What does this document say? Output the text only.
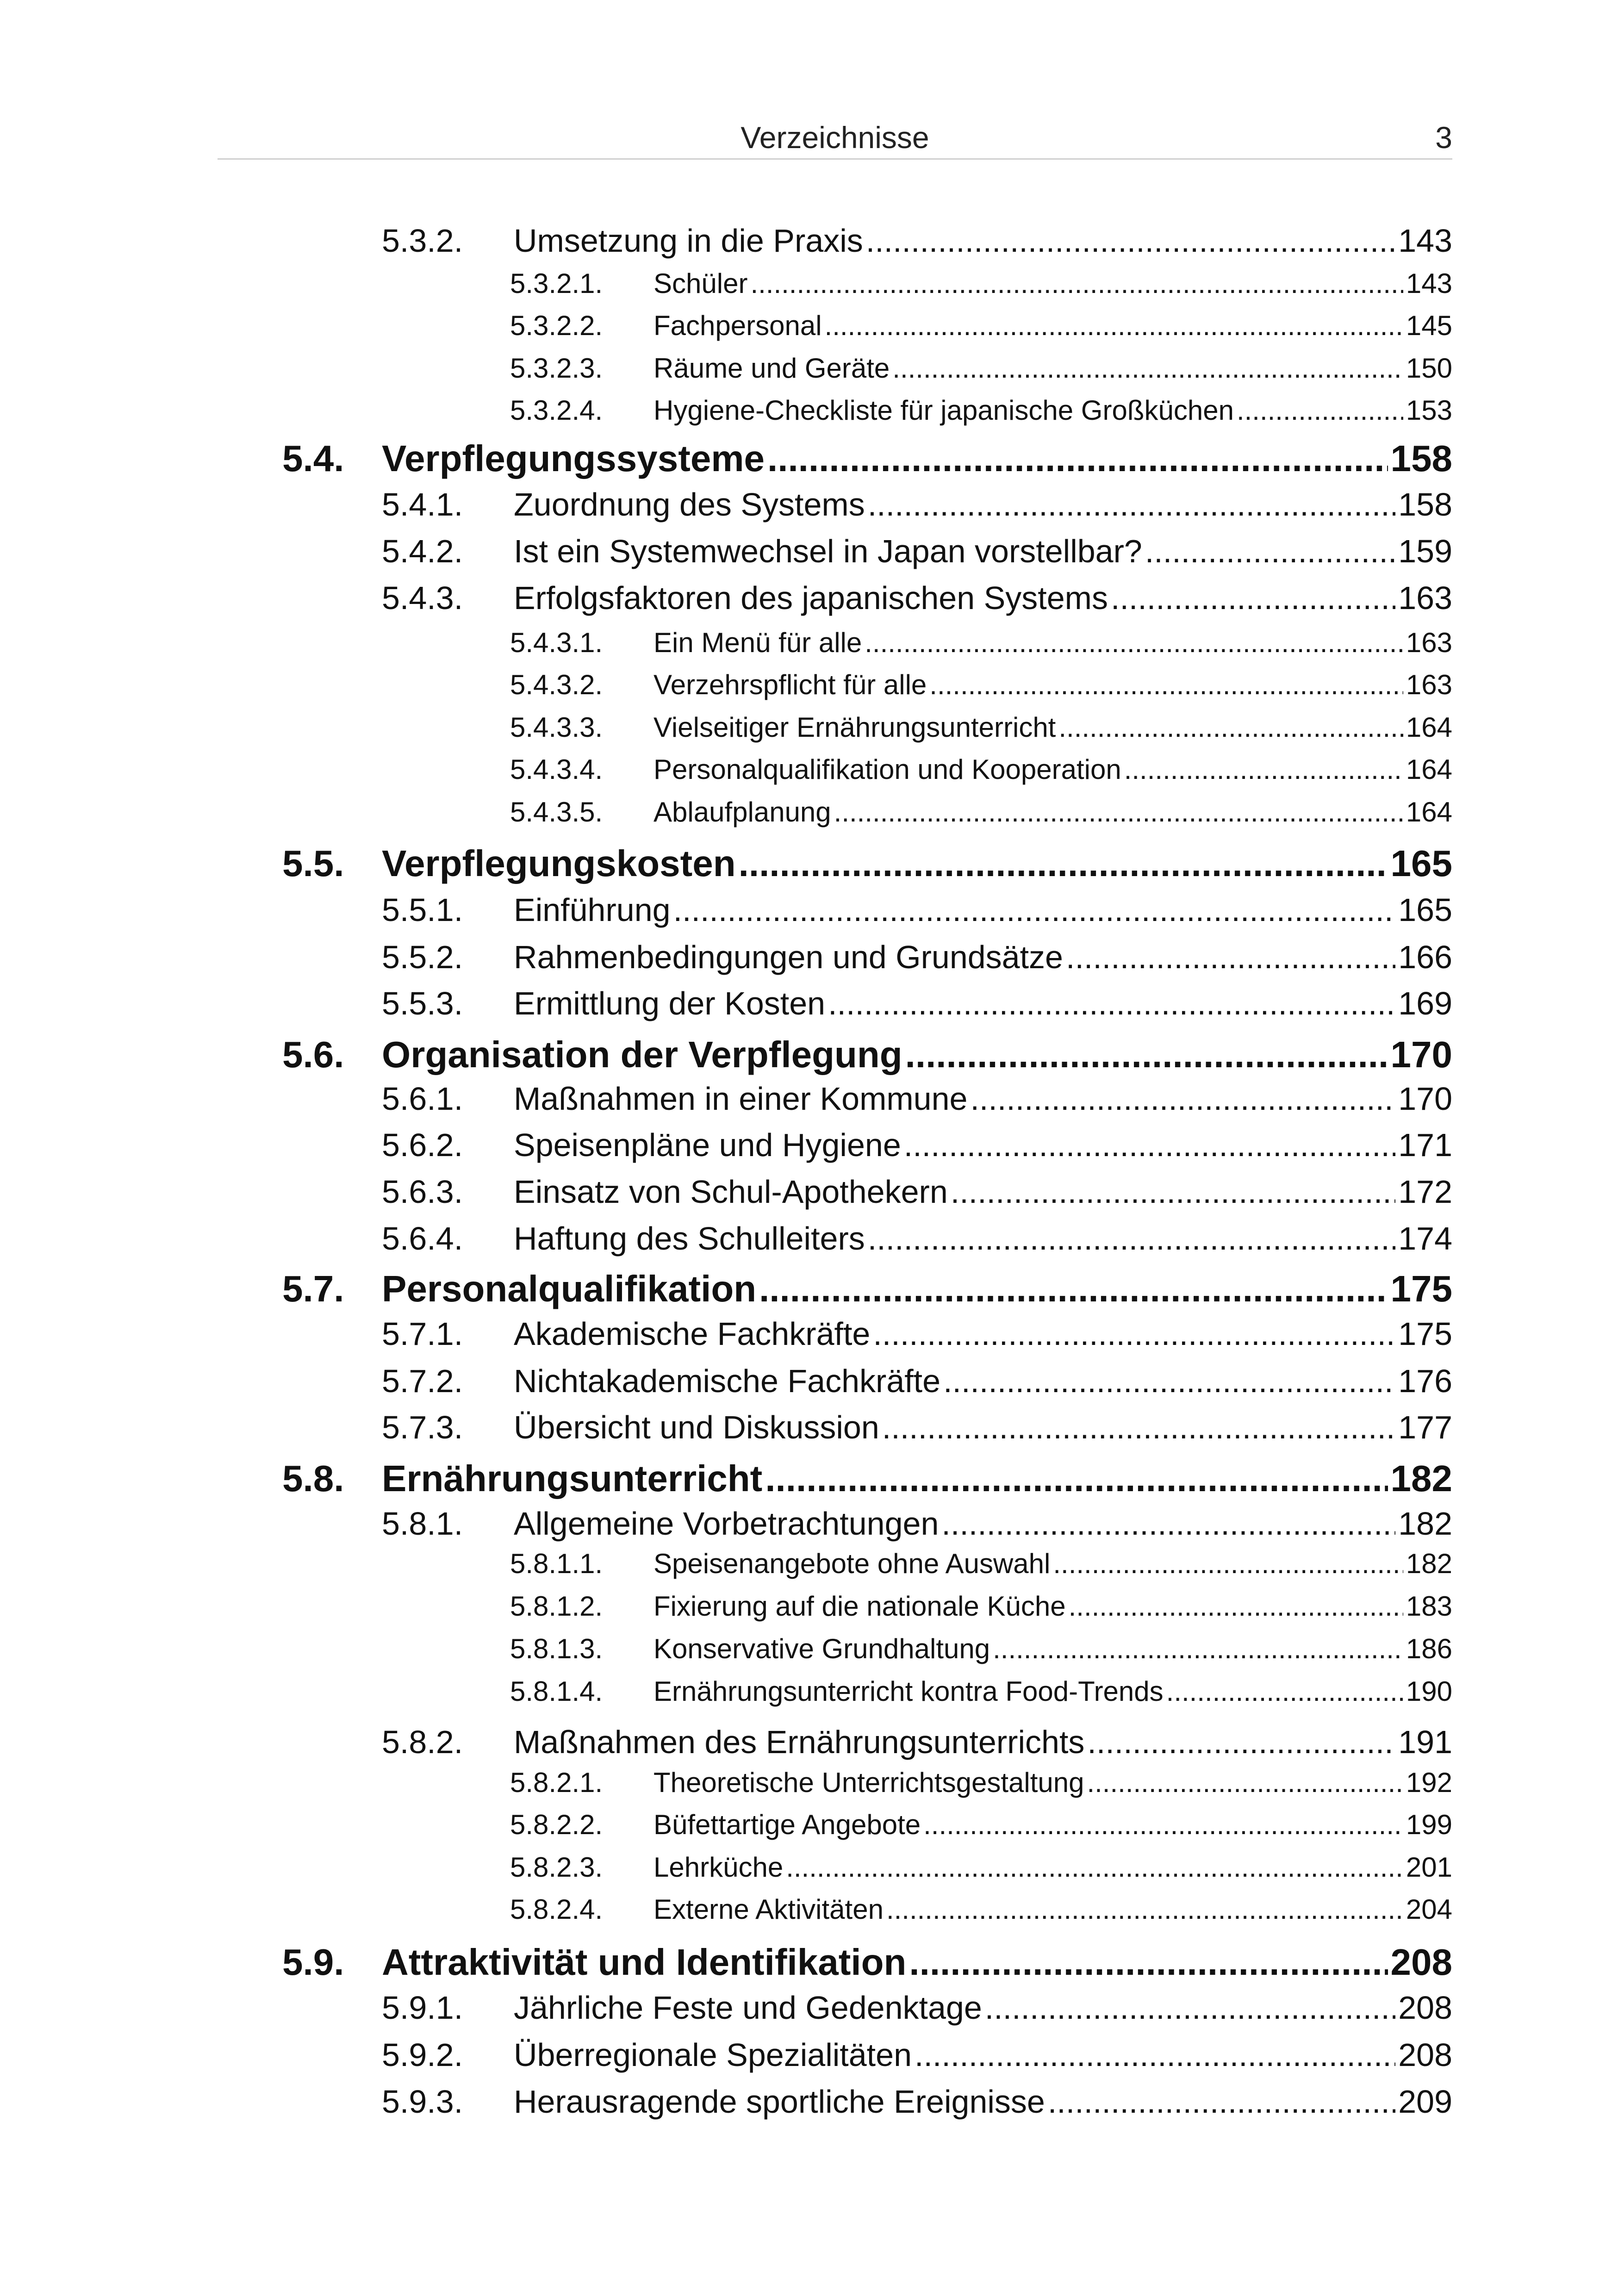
Verzeichnisse	3
5.3.2.	Umsetzung in die Praxis .....	143
5.3.2.1.	Schüler .....	143
5.3.2.2.	Fachpersonal .....	145
5.3.2.3.	Räume und Geräte .....	150
5.3.2.4.	Hygiene-Checkliste für japanische Großküchen .....	153
5.4.	Verpflegungssysteme .....	158
5.4.1.	Zuordnung des Systems .....	158
5.4.2.	Ist ein Systemwechsel in Japan vorstellbar? .....	159
5.4.3.	Erfolgsfaktoren des japanischen Systems .....	163
5.4.3.1.	Ein Menü für alle .....	163
5.4.3.2.	Verzehrspflicht für alle .....	163
5.4.3.3.	Vielseitiger Ernährungsunterricht .....	164
5.4.3.4.	Personalqualifikation und Kooperation .....	164
5.4.3.5.	Ablaufplanung .....	164
5.5.	Verpflegungskosten .....	165
5.5.1.	Einführung .....	165
5.5.2.	Rahmenbedingungen und Grundsätze .....	166
5.5.3.	Ermittlung der Kosten .....	169
5.6.	Organisation der Verpflegung .....	170
5.6.1.	Maßnahmen in einer Kommune .....	170
5.6.2.	Speisenpläne und Hygiene .....	171
5.6.3.	Einsatz von Schul-Apothekern .....	172
5.6.4.	Haftung des Schulleiters .....	174
5.7.	Personalqualifikation .....	175
5.7.1.	Akademische Fachkräfte .....	175
5.7.2.	Nichtakademische Fachkräfte .....	176
5.7.3.	Übersicht und Diskussion .....	177
5.8.	Ernährungsunterricht .....	182
5.8.1.	Allgemeine Vorbetrachtungen .....	182
5.8.1.1.	Speisenangebote ohne Auswahl .....	182
5.8.1.2.	Fixierung auf die nationale Küche .....	183
5.8.1.3.	Konservative Grundhaltung .....	186
5.8.1.4.	Ernährungsunterricht kontra Food-Trends .....	190
5.8.2.	Maßnahmen des Ernährungsunterrichts .....	191
5.8.2.1.	Theoretische Unterrichtsgestaltung .....	192
5.8.2.2.	Büfettartige Angebote .....	199
5.8.2.3.	Lehrküche .....	201
5.8.2.4.	Externe Aktivitäten .....	204
5.9.	Attraktivität und Identifikation .....	208
5.9.1.	Jährliche Feste und Gedenktage .....	208
5.9.2.	Überregionale Spezialitäten .....	208
5.9.3.	Herausragende sportliche Ereignisse .....	209
